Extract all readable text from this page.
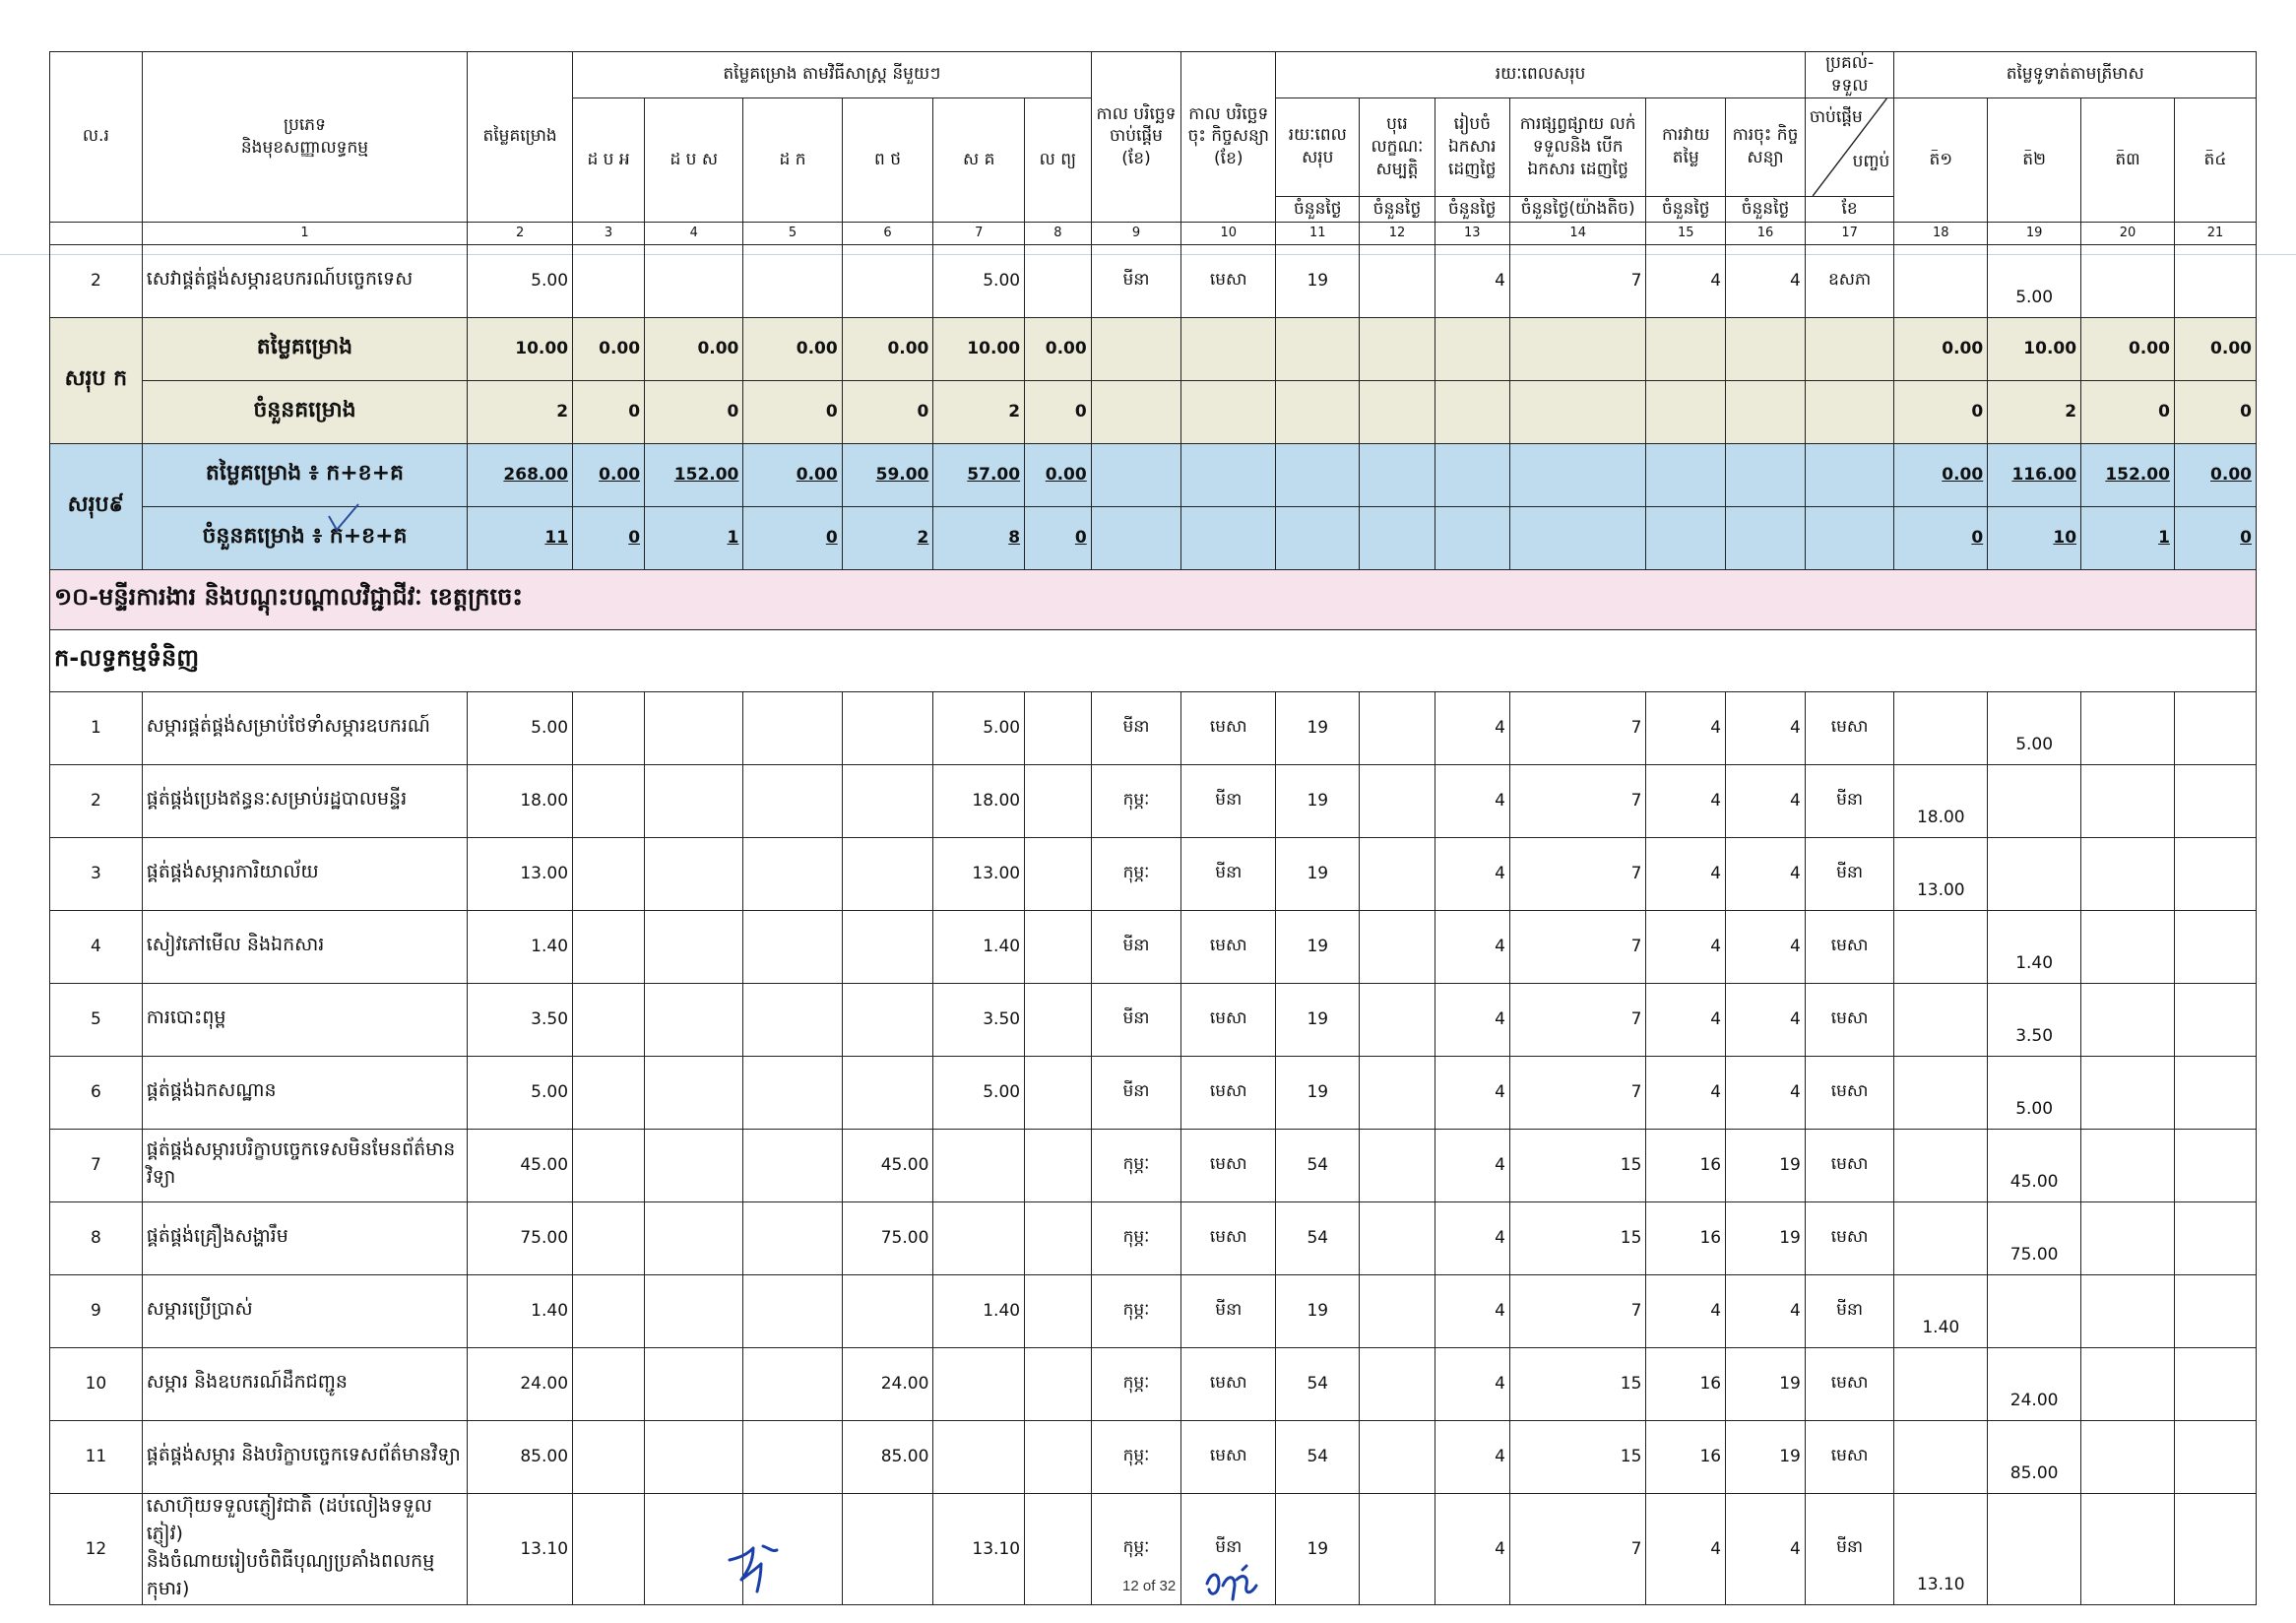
ល.រ	ប្រភេទ
និងមុខសញ្ញាលទ្ធកម្ម	តម្លៃគម្រោង	តម្លៃគម្រោង តាមវិធីសាស្ត្រ នីមួយៗ						កាល បរិច្ឆេទ ចាប់ផ្តើម (ខែ)	កាល បរិច្ឆេទចុះ កិច្ចសន្យា (ខែ)	រយៈពេលសរុប						ប្រគល់- ទទួល	តម្លៃទូទាត់តាមត្រីមាស			
			ដ ប អ	ដ ប ស	ដ ក	ព ថ	ស គ	ល ព្យ			រយៈពេល សរុប	បុរេ លក្ខណៈ សម្បត្តិ	រៀបចំ ឯកសារ ដេញថ្លៃ	ការផ្សព្វផ្សាយ លក់ ទទួលនិង បើកឯកសារ ដេញថ្លៃ	ការវាយ តម្លៃ	ការចុះ កិច្ចសន្យា	ចាប់ផ្តើម
បញ្ចប់	ត៑១	ត៑២	ត៑៣	ត៑៤
											ចំនួនថ្ងៃ	ចំនួនថ្ងៃ	ចំនួនថ្ងៃ	ចំនួនថ្ងៃ(យ៉ាងតិច)	ចំនួនថ្ងៃ	ចំនួនថ្ងៃ	ខែ				
	1	2	3	4	5	6	7	8	9	10	11	12	13	14	15	16	17	18	19	20	21
2	សេវាផ្គត់ផ្គង់សម្ភារឧបករណ៍បច្ចេកទេស	5.00					5.00		មីនា	មេសា	19		4	7	4	4	ឧសភា		5.00		
សរុប ក	តម្លៃគម្រោង	10.00	0.00	0.00	0.00	0.00	10.00	0.00										0.00	10.00	0.00	0.00
	ចំនួនគម្រោង	2	0	0	0	0	2	0										0	2	0	0
សរុប៩	តម្លៃគម្រោង ៖ ក+ខ+គ	268.00	0.00	152.00	0.00	59.00	57.00	0.00										0.00	116.00	152.00	0.00
	ចំនួនគម្រោង ៖ ក+ខ+គ	11	0	1	0	2	8	0										0	10	1	0
១០-មន្ទីរការងារ និងបណ្តុះបណ្តាលវិជ្ជាជីវៈ ខេត្តក្រចេះ																					
ក-លទ្ធកម្មទំនិញ																					
1	សម្ភារផ្គត់ផ្គង់សម្រាប់ថែទាំសម្ភារឧបករណ៍	5.00					5.00		មីនា	មេសា	19		4	7	4	4	មេសា		5.00		
2	ផ្គត់ផ្គង់ប្រេងឥន្ធនៈសម្រាប់រដ្ឋបាលមន្ទីរ	18.00					18.00		កុម្ភៈ	មីនា	19		4	7	4	4	មីនា	18.00			
3	ផ្គត់ផ្គង់សម្ភារការិយាល័យ	13.00					13.00		កុម្ភៈ	មីនា	19		4	7	4	4	មីនា	13.00			
4	សៀវភៅមើល និងឯកសារ	1.40					1.40		មីនា	មេសា	19		4	7	4	4	មេសា		1.40		
5	ការបោះពុម្ព	3.50					3.50		មីនា	មេសា	19		4	7	4	4	មេសា		3.50		
6	ផ្គត់ផ្គង់ឯកសណ្ឋាន	5.00					5.00		មីនា	មេសា	19		4	7	4	4	មេសា		5.00		
7	ផ្គត់ផ្គង់សម្ភារបរិក្ខាបច្ចេកទេសមិនមែនព័ត៌មានវិទ្យា	45.00				45.00			កុម្ភៈ	មេសា	54		4	15	16	19	មេសា		45.00		
8	ផ្គត់ផ្គង់គ្រឿងសង្ហារឹម	75.00				75.00			កុម្ភៈ	មេសា	54		4	15	16	19	មេសា		75.00		
9	សម្ភារប្រើប្រាស់	1.40					1.40		កុម្ភៈ	មីនា	19		4	7	4	4	មីនា	1.40			
10	សម្ភារ និងឧបករណ៍ដឹកជញ្ជូន	24.00				24.00			កុម្ភៈ	មេសា	54		4	15	16	19	មេសា		24.00		
11	ផ្គត់ផ្គង់សម្ភារ និងបរិក្ខាបច្ចេកទេសព័ត៌មានវិទ្យា	85.00				85.00			កុម្ភៈ	មេសា	54		4	15	16	19	មេសា		85.00		
12	សោហ៊ុយទទួលភ្ញៀវជាតិ (ដប់លៀងទទួលភ្ញៀវ)
និងចំណាយរៀបចំពិធីបុណ្យប្រគាំងពលកម្មកុមារ)	13.10					13.10		កុម្ភៈ	មីនា	19		4	7	4	4	មីនា	13.10			
12 of 32
